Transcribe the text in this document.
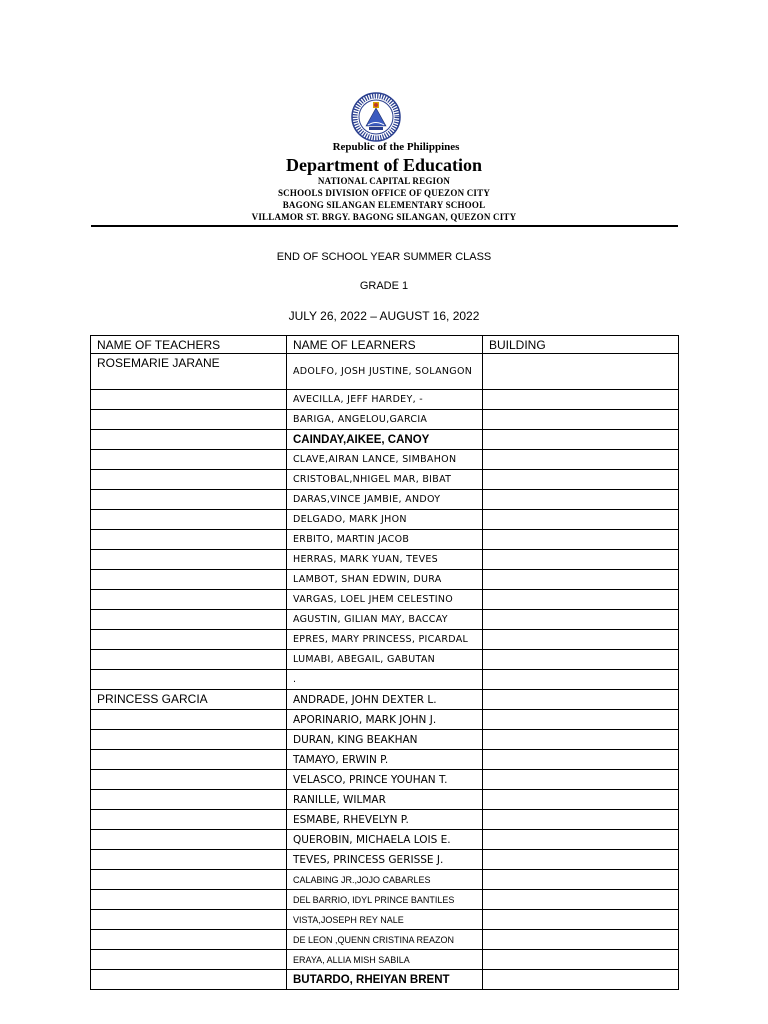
Republic of the Philippines
Department of Education
NATIONAL CAPITAL REGION
SCHOOLS DIVISION OFFICE OF QUEZON CITY
BAGONG SILANGAN ELEMENTARY SCHOOL
VILLAMOR ST. BRGY. BAGONG SILANGAN, QUEZON CITY
END OF SCHOOL YEAR SUMMER CLASS
GRADE 1
JULY 26, 2022 – AUGUST 16, 2022
NAME OF TEACHERS	NAME OF LEARNERS	BUILDING
ROSEMARIE JARANE	ADOLFO, JOSH JUSTINE, SOLANGON	
	AVECILLA, JEFF HARDEY, -	
	BARIGA, ANGELOU,GARCIA	
	CAINDAY,AIKEE, CANOY	
	CLAVE,AIRAN LANCE, SIMBAHON	
	CRISTOBAL,NHIGEL MAR, BIBAT	
	DARAS,VINCE JAMBIE, ANDOY	
	DELGADO, MARK JHON	
	ERBITO, MARTIN JACOB	
	HERRAS, MARK YUAN, TEVES	
	LAMBOT, SHAN EDWIN, DURA	
	VARGAS, LOEL JHEM CELESTINO	
	AGUSTIN, GILIAN MAY, BACCAY	
	EPRES, MARY PRINCESS, PICARDAL	
	LUMABI, ABEGAIL, GABUTAN	
	.	
PRINCESS GARCIA	ANDRADE, JOHN DEXTER L.	
	APORINARIO, MARK JOHN J.	
	DURAN, KING BEAKHAN	
	TAMAYO, ERWIN P.	
	VELASCO, PRINCE YOUHAN T.	
	RANILLE, WILMAR	
	ESMABE, RHEVELYN P.	
	QUEROBIN, MICHAELA LOIS E.	
	TEVES, PRINCESS GERISSE J.	
	CALABING JR.,JOJO CABARLES	
	DEL BARRIO, IDYL PRINCE BANTILES	
	VISTA,JOSEPH REY NALE	
	DE LEON ,QUENN CRISTINA REAZON	
	ERAYA, ALLIA MISH SABILA	
	BUTARDO, RHEIYAN BRENT	
